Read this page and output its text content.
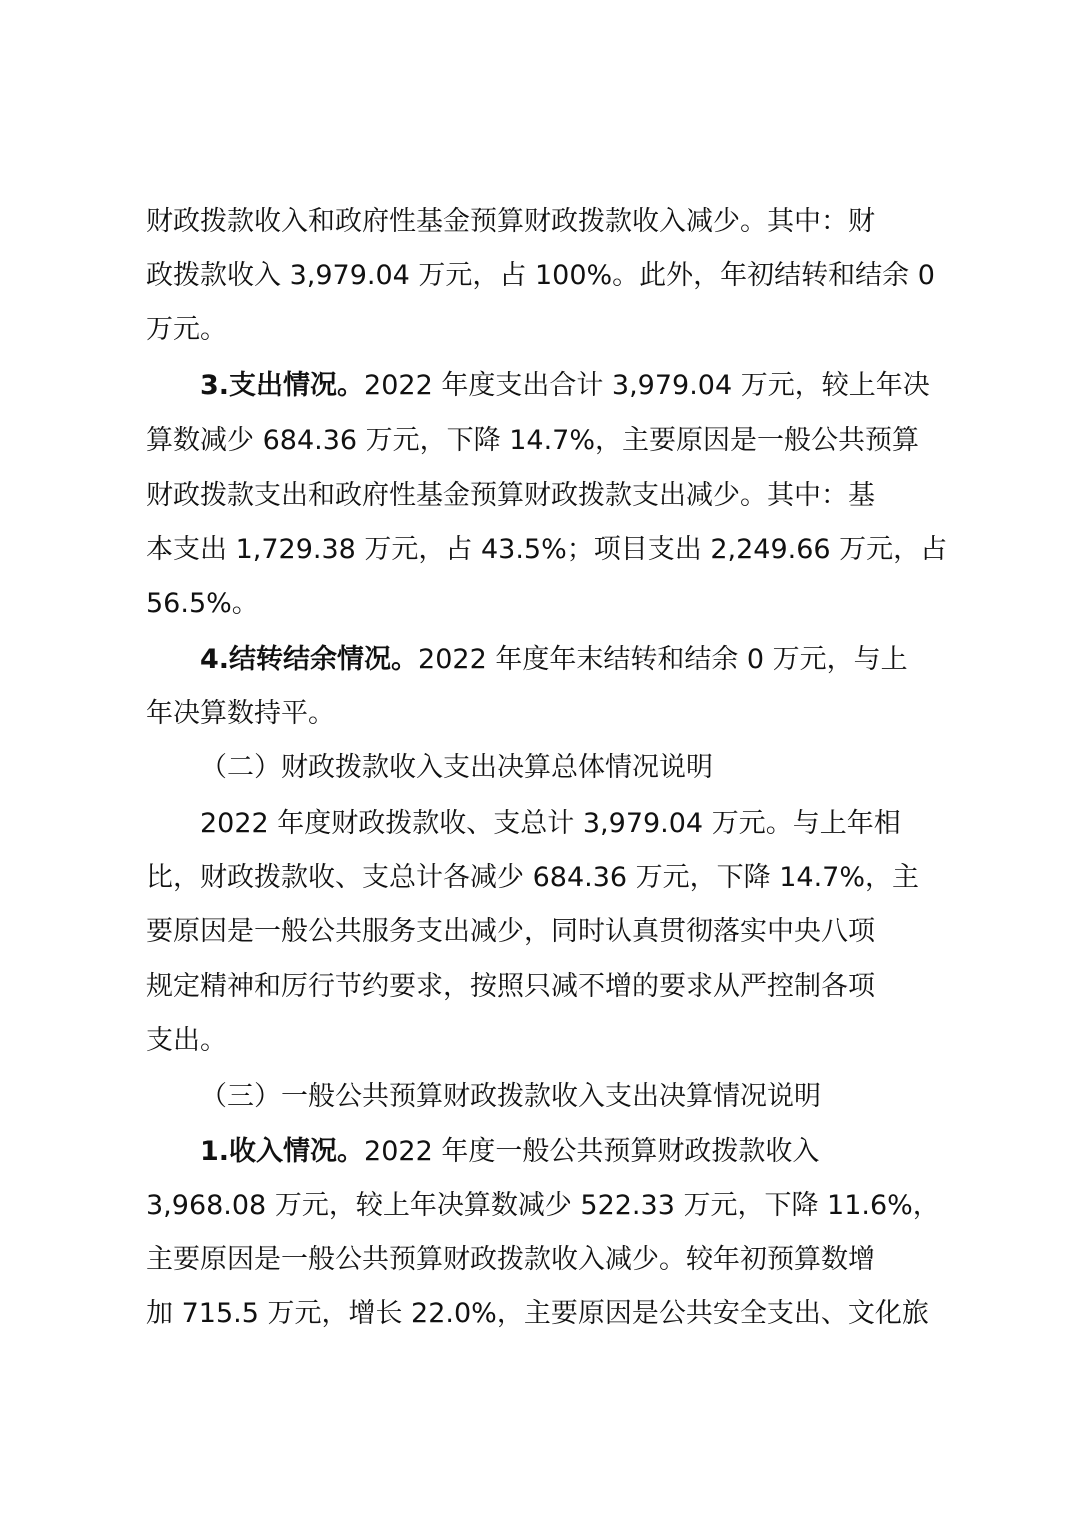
财政拨款收入和政府性基金预算财政拨款收入减少。其中：财
政拨款收入 3,979.04 万元，占 100%。此外，年初结转和结余 0
万元。
3.支出情况。2022 年度支出合计 3,979.04 万元，较上年决
算数减少 684.36 万元，下降 14.7%，主要原因是一般公共预算
财政拨款支出和政府性基金预算财政拨款支出减少。其中：基
本支出 1,729.38 万元，占 43.5%；项目支出 2,249.66 万元，占
56.5%。
4.结转结余情况。2022 年度年末结转和结余 0 万元，与上
年决算数持平。
（二）财政拨款收入支出决算总体情况说明
2022 年度财政拨款收、支总计 3,979.04 万元。与上年相
比，财政拨款收、支总计各减少 684.36 万元，下降 14.7%，主
要原因是一般公共服务支出减少，同时认真贯彻落实中央八项
规定精神和厉行节约要求，按照只减不增的要求从严控制各项
支出。
（三）一般公共预算财政拨款收入支出决算情况说明
1.收入情况。2022 年度一般公共预算财政拨款收入
3,968.08 万元，较上年决算数减少 522.33 万元，下降 11.6%，
主要原因是一般公共预算财政拨款收入减少。较年初预算数增
加 715.5 万元，增长 22.0%，主要原因是公共安全支出、文化旅
